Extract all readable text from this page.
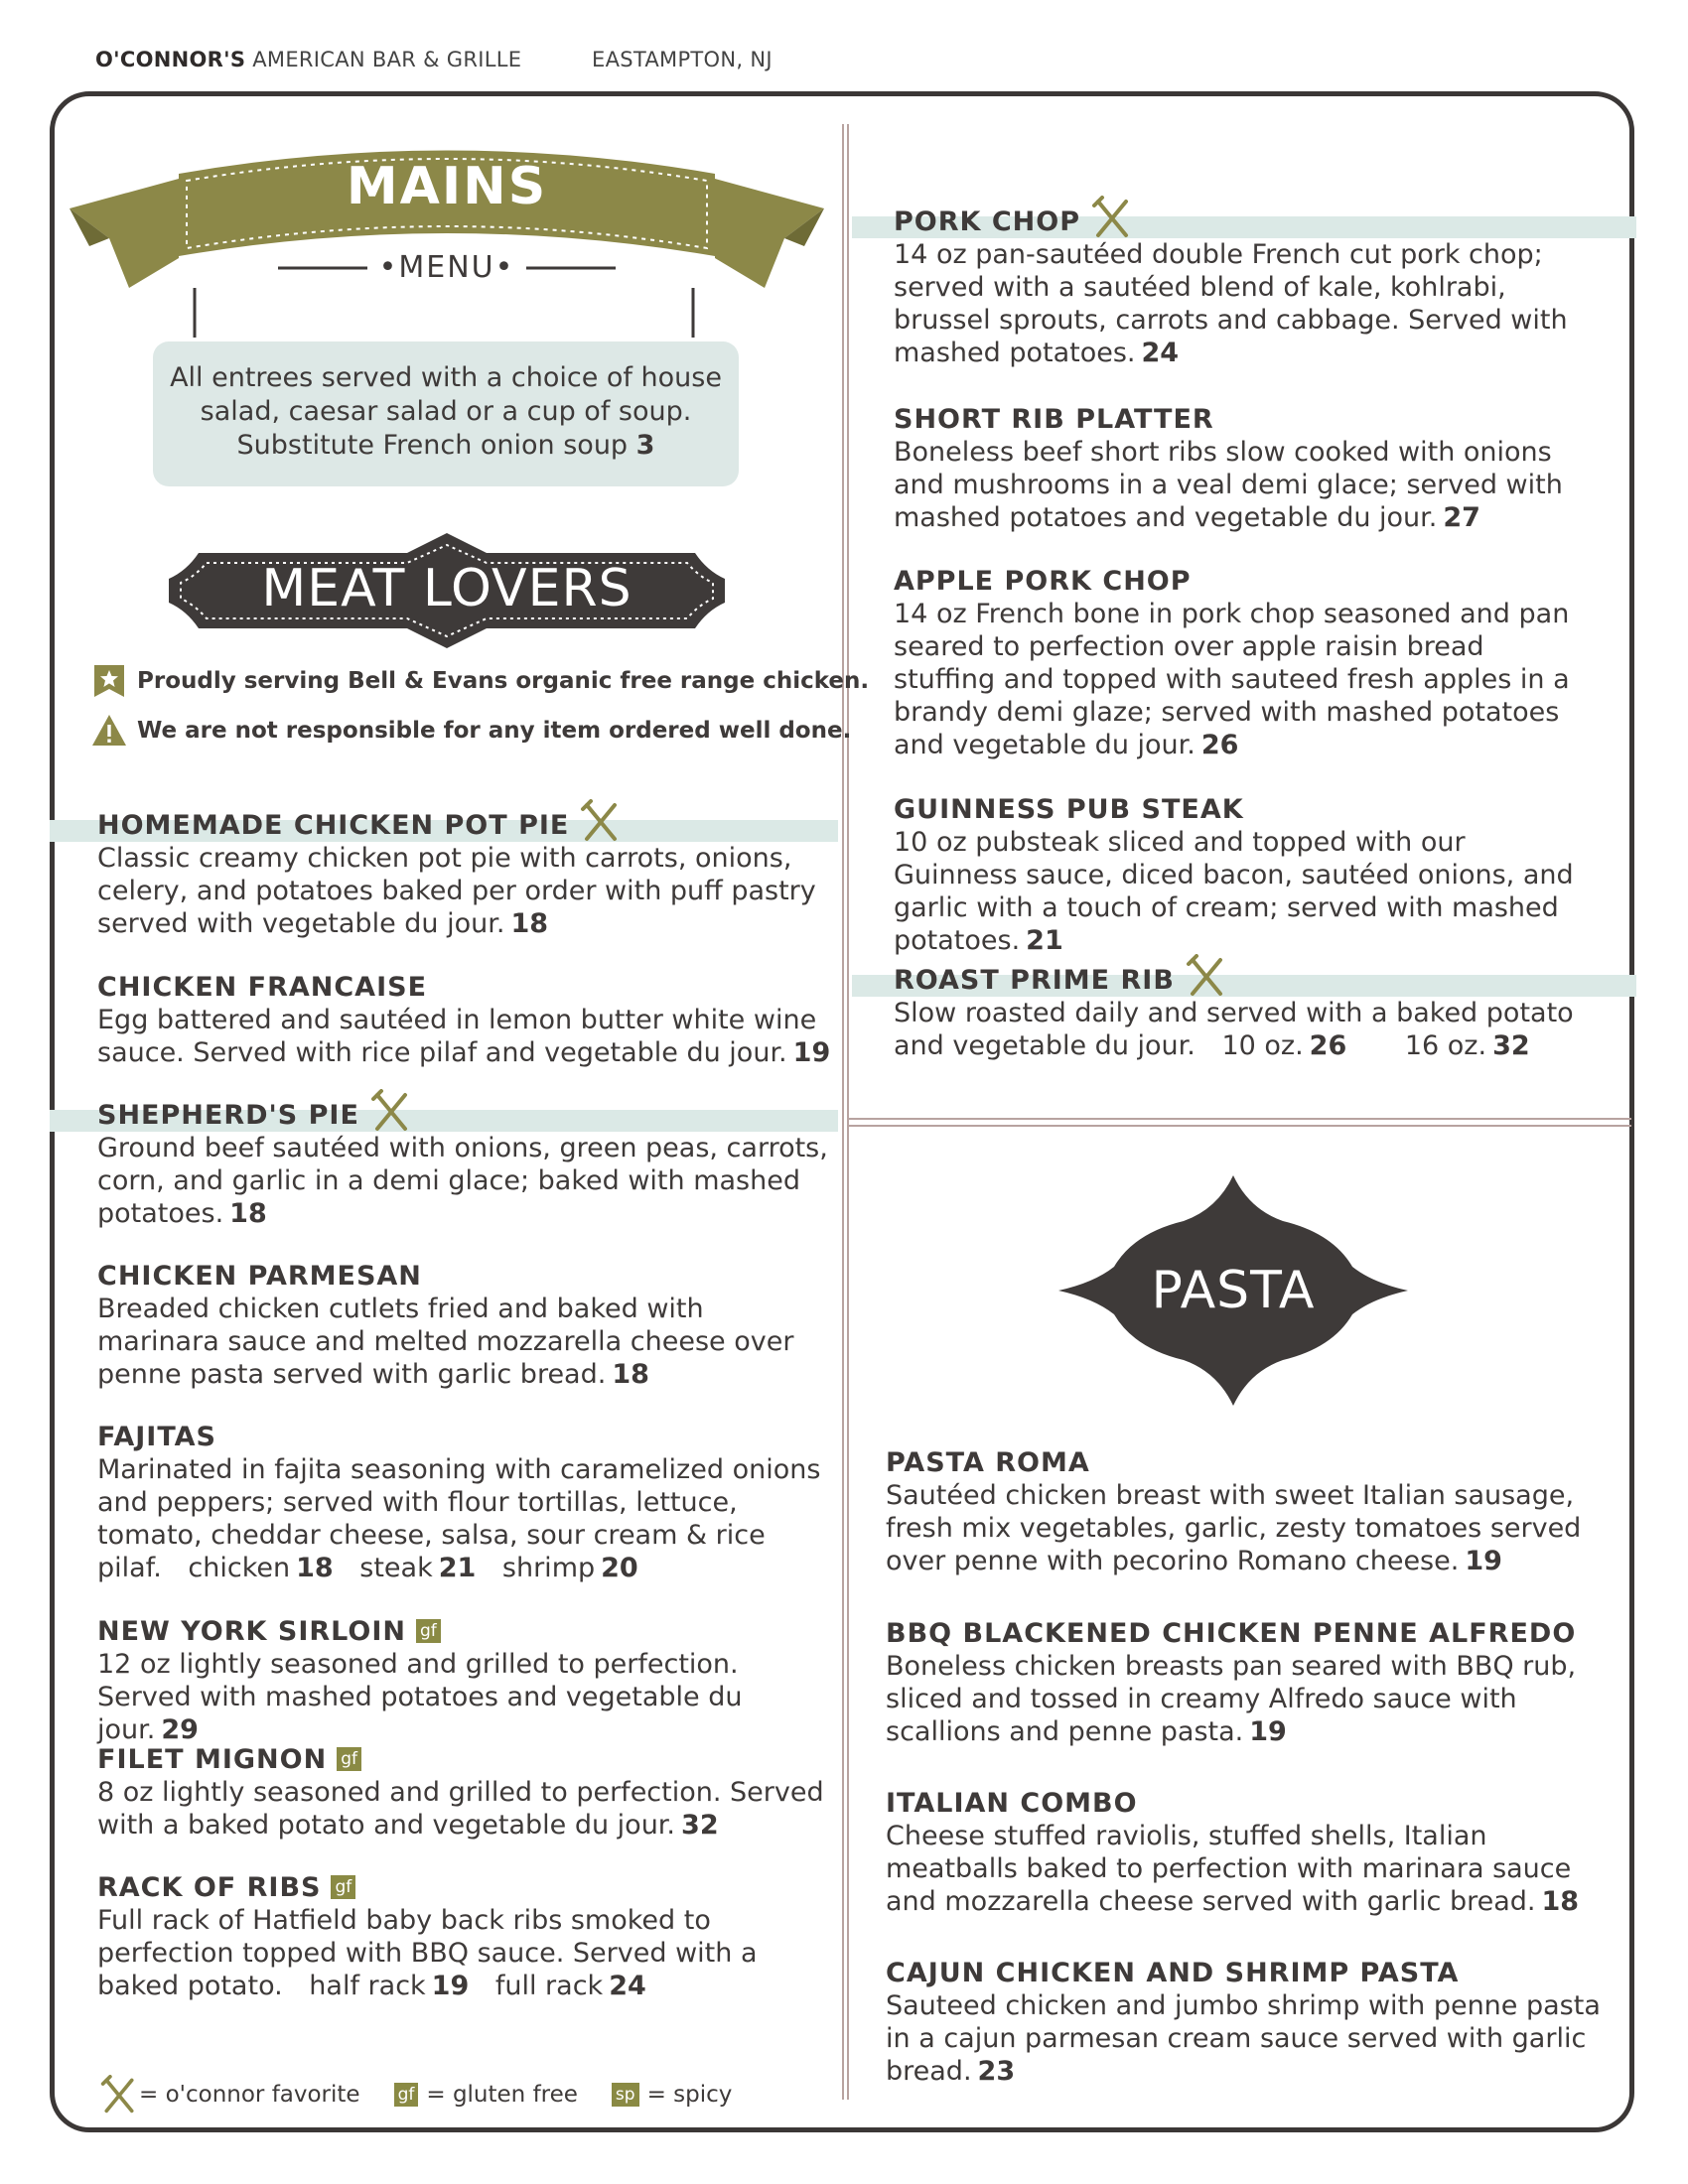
O'CONNOR'S AMERICAN BAR & GRILLE	EASTAMPTON, NJ
MAINS
•MENU•
All entrees served with a choice of house salad, caesar salad or a cup of soup. Substitute French onion soup 3
MEAT LOVERS
Proudly serving Bell & Evans organic free range chicken.
We are not responsible for any item ordered well done.
HOMEMADE CHICKEN POT PIE
Classic creamy chicken pot pie with carrots, onions, celery, and potatoes baked per order with puff pastry served with vegetable du jour. 18
CHICKEN FRANCAISE
Egg battered and sautéed in lemon butter white wine sauce. Served with rice pilaf and vegetable du jour. 19
SHEPHERD'S PIE
Ground beef sautéed with onions, green peas, carrots, corn, and garlic in a demi glace; baked with mashed potatoes. 18
CHICKEN PARMESAN
Breaded chicken cutlets fried and baked with marinara sauce and melted mozzarella cheese over penne pasta served with garlic bread. 18
FAJITAS
Marinated in fajita seasoning with caramelized onions and peppers; served with flour tortillas, lettuce, tomato, cheddar cheese, salsa, sour cream & rice pilaf. chicken 18 steak 21 shrimp 20
NEW YORK SIRLOIN gf
12 oz lightly seasoned and grilled to perfection. Served with mashed potatoes and vegetable du jour. 29
FILET MIGNON gf
8 oz lightly seasoned and grilled to perfection. Served with a baked potato and vegetable du jour. 32
RACK OF RIBS gf
Full rack of Hatfield baby back ribs smoked to perfection topped with BBQ sauce. Served with a baked potato. half rack 19 full rack 24
PORK CHOP
14 oz pan-sautéed double French cut pork chop; served with a sautéed blend of kale, kohlrabi, brussel sprouts, carrots and cabbage. Served with mashed potatoes. 24
SHORT RIB PLATTER
Boneless beef short ribs slow cooked with onions and mushrooms in a veal demi glace; served with mashed potatoes and vegetable du jour. 27
APPLE PORK CHOP
14 oz French bone in pork chop seasoned and pan seared to perfection over apple raisin bread stuffing and topped with sauteed fresh apples in a brandy demi glaze; served with mashed potatoes and vegetable du jour. 26
GUINNESS PUB STEAK
10 oz pubsteak sliced and topped with our Guinness sauce, diced bacon, sautéed onions, and garlic with a touch of cream; served with mashed potatoes. 21
ROAST PRIME RIB
Slow roasted daily and served with a baked potato and vegetable du jour. 10 oz. 26 16 oz. 32
PASTA
PASTA ROMA
Sautéed chicken breast with sweet Italian sausage, fresh mix vegetables, garlic, zesty tomatoes served over penne with pecorino Romano cheese. 19
BBQ BLACKENED CHICKEN PENNE ALFREDO
Boneless chicken breasts pan seared with BBQ rub, sliced and tossed in creamy Alfredo sauce with scallions and penne pasta. 19
ITALIAN COMBO
Cheese stuffed raviolis, stuffed shells, Italian meatballs baked to perfection with marinara sauce and mozzarella cheese served with garlic bread. 18
CAJUN CHICKEN AND SHRIMP PASTA
Sauteed chicken and jumbo shrimp with penne pasta in a cajun parmesan cream sauce served with garlic bread. 23
= o'connor favorite gf = gluten free sp = spicy
